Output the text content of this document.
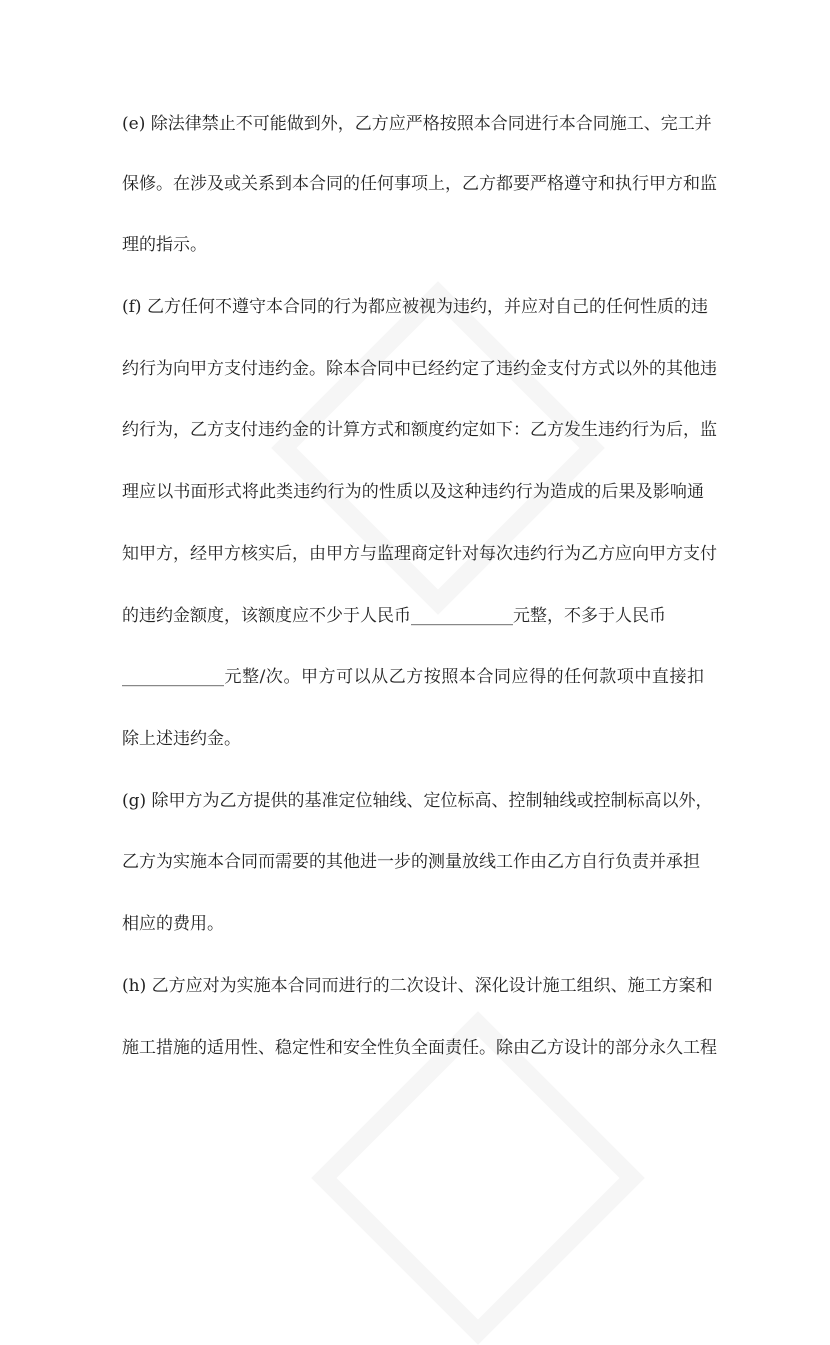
(e) 除法律禁止不可能做到外，乙方应严格按照本合同进行本合同施工、完工并
保修。在涉及或关系到本合同的任何事项上，乙方都要严格遵守和执行甲方和监
理的指示。
(f) 乙方任何不遵守本合同的行为都应被视为违约，并应对自己的任何性质的违
约行为向甲方支付违约金。除本合同中已经约定了违约金支付方式以外的其他违
约行为，乙方支付违约金的计算方式和额度约定如下：乙方发生违约行为后，监
理应以书面形式将此类违约行为的性质以及这种违约行为造成的后果及影响通
知甲方，经甲方核实后，由甲方与监理商定针对每次违约行为乙方应向甲方支付
的违约金额度，该额度应不少于人民币____________元整，不多于人民币
____________元整/次。甲方可以从乙方按照本合同应得的任何款项中直接扣
除上述违约金。
(g) 除甲方为乙方提供的基准定位轴线、定位标高、控制轴线或控制标高以外，
乙方为实施本合同而需要的其他进一步的测量放线工作由乙方自行负责并承担
相应的费用。
(h) 乙方应对为实施本合同而进行的二次设计、深化设计施工组织、施工方案和
施工措施的适用性、稳定性和安全性负全面责任。除由乙方设计的部分永久工程
